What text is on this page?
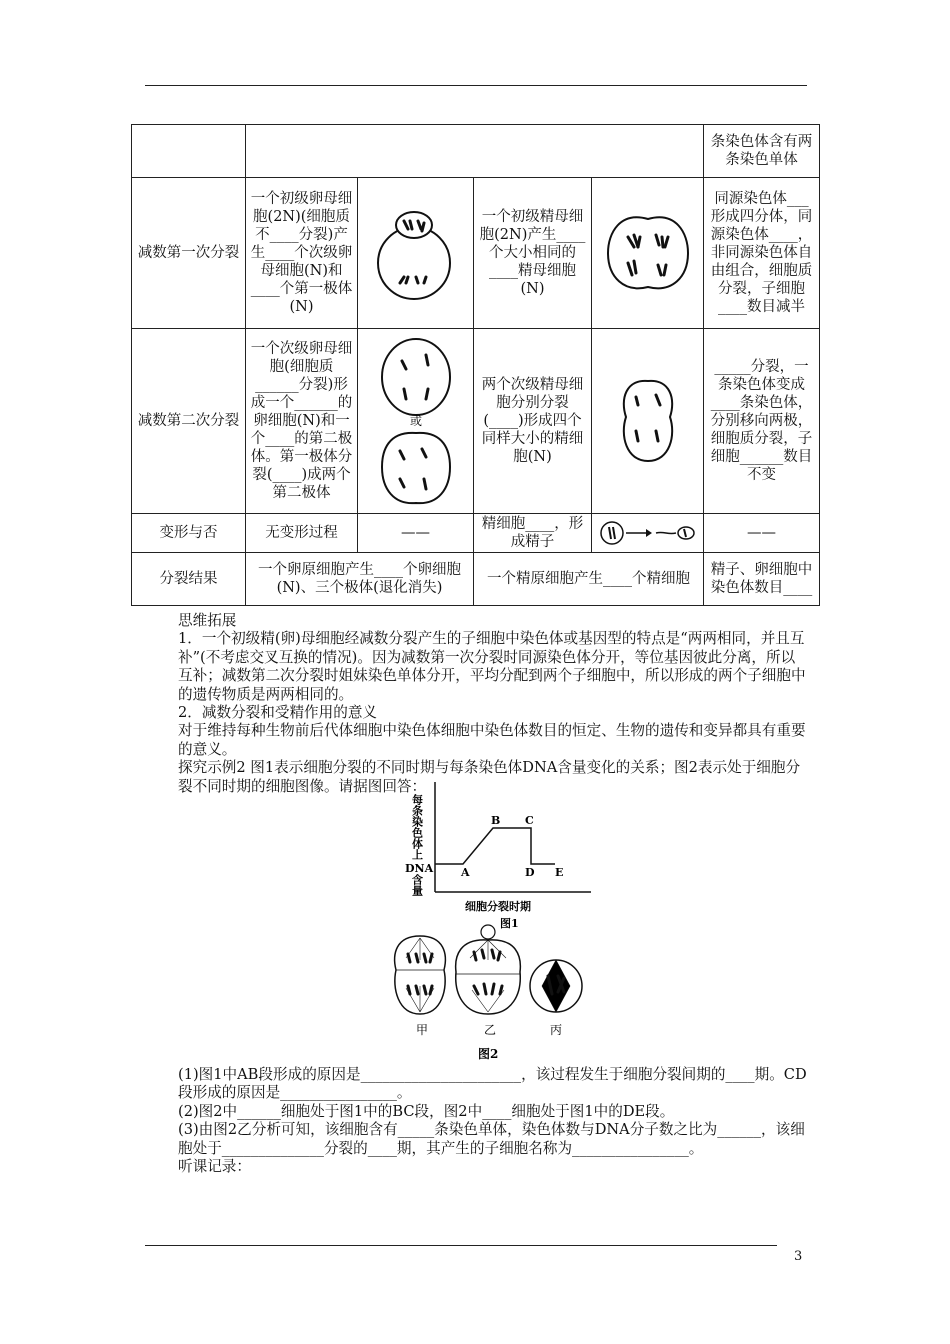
					条染色体含有两条染色单体
减数第一次分裂	一个初级卵母细胞(2N)(细胞质不____分裂)产生____个次级卵母细胞(N)和____个第一极体(N)		一个初级精母细胞(2N)产生____个大小相同的____精母细胞(N)		同源染色体___形成四分体，同源染色体____，非同源染色体自由组合，细胞质分裂，子细胞____数目减半
减数第二次分裂	一个次级卵母细胞(细胞质______分裂)形成一个______的卵细胞(N)和一个____的第二极体。第一极体分裂(____)成两个第二极体	或	两个次级精母细胞分别分裂(____)形成四个同样大小的精细胞(N)		_____分裂，一条染色体变成____条染色体，分别移向两极，细胞质分裂，子细胞______数目不变
变形与否	无变形过程	——	精细胞____，形成精子		——
分裂结果	一个卵原细胞产生____个卵细胞(N)、三个极体(退化消失)		一个精原细胞产生____个精细胞		精子、卵细胞中染色体数目____

思维拓展

1．一个初级精(卵)母细胞经减数分裂产生的子细胞中染色体或基因型的特点是“两两相同，并且互补”(不考虑交叉互换的情况)。因为减数第一次分裂时同源染色体分开，等位基因彼此分离，所以互补；减数第二次分裂时姐妹染色单体分开，平均分配到两个子细胞中，所以形成的两个子细胞中的遗传物质是两两相同的。

2．减数分裂和受精作用的意义

对于维持每种生物前后代体细胞中染色体细胞中染色体数目的恒定、生物的遗传和变异都具有重要的意义。

探究示例2 图1表示细胞分裂的不同时期与每条染色体DNA含量变化的关系；图2表示处于细胞分裂不同时期的细胞图像。请据图回答：

每条染色体上
DNA
含量
A
B C
D E
细胞分裂时期
图1
甲	乙	丙
图2

(1)图1中AB段形成的原因是______________________，该过程发生于细胞分裂间期的____期。CD段形成的原因是________________。

(2)图2中______细胞处于图1中的BC段，图2中____细胞处于图1中的DE段。

(3)由图2乙分析可知，该细胞含有_____条染色单体，染色体数与DNA分子数之比为______，该细胞处于______________分裂的____期，其产生的子细胞名称为________________。

听课记录：

3
